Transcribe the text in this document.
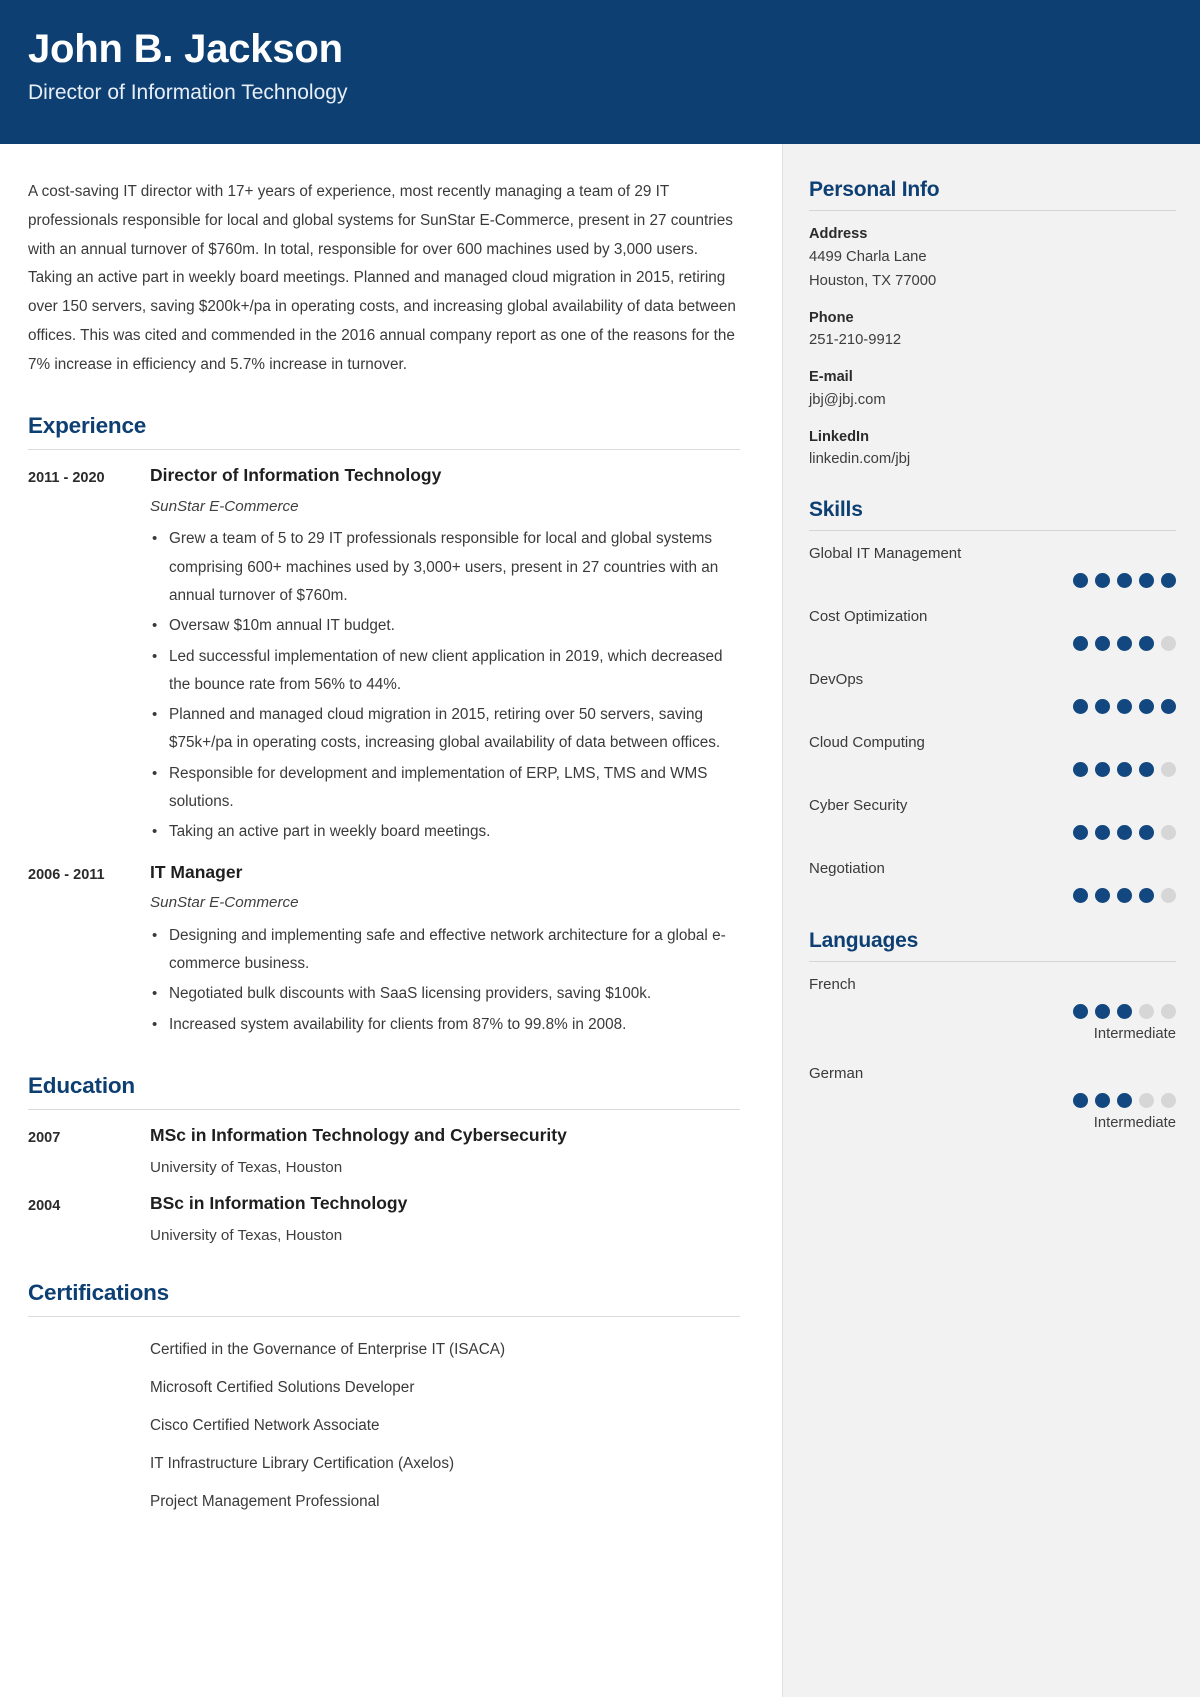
John B. Jackson
Director of Information Technology
A cost-saving IT director with 17+ years of experience, most recently managing a team of 29 IT professionals responsible for local and global systems for SunStar E-Commerce, present in 27 countries with an annual turnover of $760m. In total, responsible for over 600 machines used by 3,000 users. Taking an active part in weekly board meetings. Planned and managed cloud migration in 2015, retiring over 150 servers, saving $200k+/pa in operating costs, and increasing global availability of data between offices. This was cited and commended in the 2016 annual company report as one of the reasons for the 7% increase in efficiency and 5.7% increase in turnover.
Experience
2011 - 2020	Director of Information Technology
SunStar E-Commerce
• Grew a team of 5 to 29 IT professionals responsible for local and global systems comprising 600+ machines used by 3,000+ users, present in 27 countries with an annual turnover of $760m.
• Oversaw $10m annual IT budget.
• Led successful implementation of new client application in 2019, which decreased the bounce rate from 56% to 44%.
• Planned and managed cloud migration in 2015, retiring over 50 servers, saving $75k+/pa in operating costs, increasing global availability of data between offices.
• Responsible for development and implementation of ERP, LMS, TMS and WMS solutions.
• Taking an active part in weekly board meetings.
2006 - 2011	IT Manager
SunStar E-Commerce
• Designing and implementing safe and effective network architecture for a global e-commerce business.
• Negotiated bulk discounts with SaaS licensing providers, saving $100k.
• Increased system availability for clients from 87% to 99.8% in 2008.
Education
2007	MSc in Information Technology and Cybersecurity
University of Texas, Houston
2004	BSc in Information Technology
University of Texas, Houston
Certifications
Certified in the Governance of Enterprise IT (ISACA)
Microsoft Certified Solutions Developer
Cisco Certified Network Associate
IT Infrastructure Library Certification (Axelos)
Project Management Professional
Personal Info
Address
4499 Charla Lane
Houston, TX 77000
Phone
251-210-9912
E-mail
jbj@jbj.com
LinkedIn
linkedin.com/jbj
Skills
Global IT Management
Cost Optimization
DevOps
Cloud Computing
Cyber Security
Negotiation
Languages
French
Intermediate
German
Intermediate
